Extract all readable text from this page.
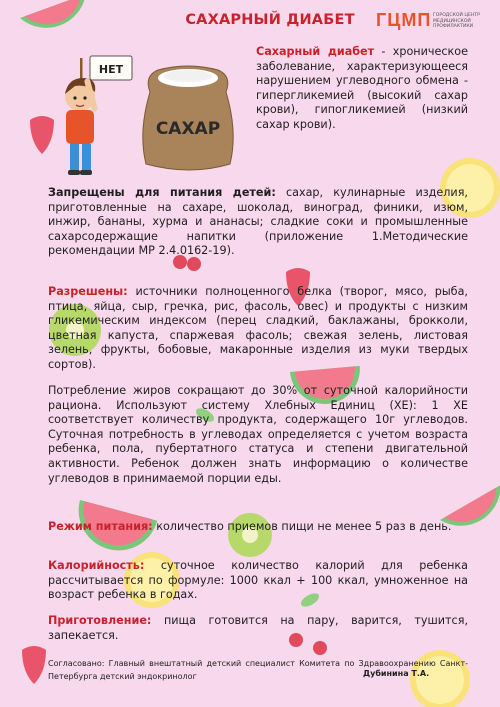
САХАРНЫЙ ДИАБЕТ	ГЦМП ГОРОДСКОЙ ЦЕНТР МЕДИЦИНСКОЙ ПРОФИЛАКТИКИ
НЕТ
САХАР

Сахарный диабет - хроническое заболевание, характеризующееся нарушением углеводного обмена - гипергликемией (высокий сахар крови), гипогликемией (низкий сахар крови).

Запрещены для питания детей: сахар, кулинарные изделия, приготовленные на сахаре, шоколад, виноград, финики, изюм, инжир, бананы, хурма и ананасы; сладкие соки и промышленные сахарсодержащие напитки (приложение 1.Методические рекомендации МР 2.4.0162-19).

Разрешены: источники полноценного белка (творог, мясо, рыба, птица, яйца, сыр, гречка, рис, фасоль, овес) и продукты с низким гликемическим индексом (перец сладкий, баклажаны, брокколи, цветная капуста, спаржевая фасоль; свежая зелень, листовая зелень, фрукты, бобовые, макаронные изделия из муки твердых сортов).

Потребление жиров сокращают до 30% от суточной калорийности рациона. Используют систему Хлебных Единиц (ХЕ): 1 ХЕ соответствует количеству продукта, содержащего 10г углеводов. Суточная потребность в углеводах определяется с учетом возраста ребенка, пола, пубертатного статуса и степени двигательной активности. Ребенок должен знать информацию о количестве углеводов в принимаемой порции еды.

Режим питания: количество приемов пищи не менее 5 раз в день.

Калорийность: суточное количество калорий для ребенка рассчитывается по формуле: 1000 ккал + 100 ккал, умноженное на возраст ребенка в годах.

Приготовление: пища готовится на пару, варится, тушится, запекается.

Согласовано: Главный внештатный детский специалист Комитета по Здравоохранению Санкт-Петербурга детский эндокринолог	Дубинина Т.А.
